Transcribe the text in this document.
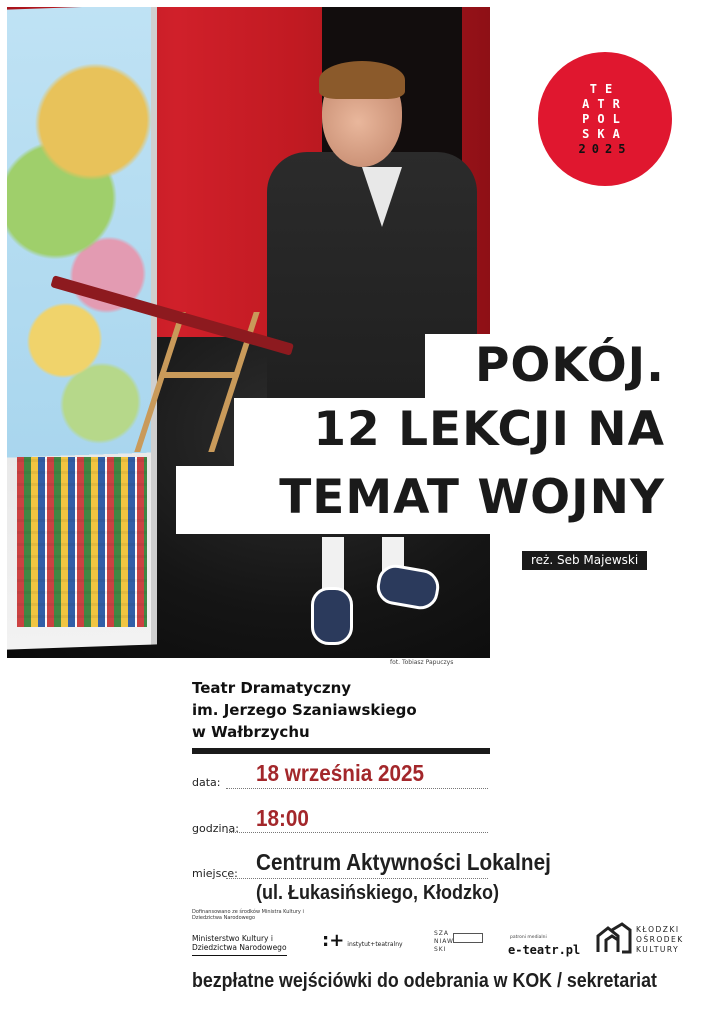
fot. Tobiasz Papuczys
TE
ATR
POL
SKA
2025
POKÓJ.
12 LEKCJI NA
TEMAT WOJNY
reż. Seb Majewski
Teatr Dramatyczny
im. Jerzego Szaniawskiego
w Wałbrzychu
data: 18 września 2025
godzina: 18:00
miejsce: Centrum Aktywności Lokalnej
(ul. Łukasińskiego, Kłodzko)
Dofinansowano ze środków Ministra Kultury i Dziedzictwa Narodowego
Ministerstwo Kultury i Dziedzictwa Narodowego :+ instytut+teatralny
SZA
NIAW
SKI
patroni medialni
e-teatr.pl
KŁODZKI
OŚRODEK
KULTURY
bezpłatne wejściówki do odebrania w KOK / sekretariat
